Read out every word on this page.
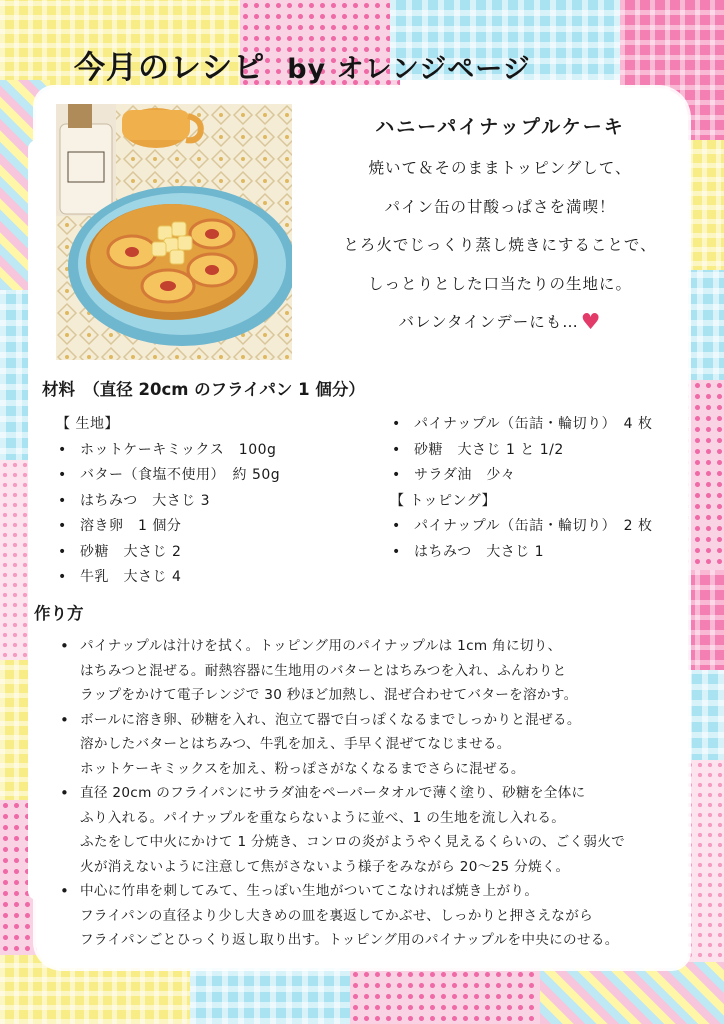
今月のレシピ by オレンジページ
ハニーパイナップルケーキ
焼いて＆そのままトッピングして、
パイン缶の甘酸っぱさを満喫！
とろ火でじっくり蒸し焼きにすることで、
しっとりとした口当たりの生地に。
バレンタインデーにも…♥
材料　（直径 20cm のフライパン 1 個分）
【 生地】
• ホットケーキミックス　100g
• バター（食塩不使用）　約 50g
• はちみつ　大さじ 3
• 溶き卵　1 個分
• 砂糖　大さじ 2
• 牛乳　大さじ 4
• パイナップル（缶詰・輪切り）　4 枚
• 砂糖　大さじ 1 と 1/2
• サラダ油　少々
【 トッピング】
• パイナップル（缶詰・輪切り）　2 枚
• はちみつ　大さじ 1
作り方
• パイナップルは汁けを拭く。トッピング用のパイナップルは 1cm 角に切り、
はちみつと混ぜる。耐熱容器に生地用のバターとはちみつを入れ、ふんわりと
ラップをかけて電子レンジで 30 秒ほど加熱し、混ぜ合わせてバターを溶かす。
• ボールに溶き卵、砂糖を入れ、泡立て器で白っぽくなるまでしっかりと混ぜる。
溶かしたバターとはちみつ、牛乳を加え、手早く混ぜてなじませる。
ホットケーキミックスを加え、粉っぽさがなくなるまでさらに混ぜる。
• 直径 20cm のフライパンにサラダ油をペーパータオルで薄く塗り、砂糖を全体に
ふり入れる。パイナップルを重ならないように並べ、1 の生地を流し入れる。
ふたをして中火にかけて 1 分焼き、コンロの炎がようやく見えるくらいの、ごく弱火で
火が消えないように注意して焦がさないよう様子をみながら 20〜25 分焼く。
• 中心に竹串を刺してみて、生っぽい生地がついてこなければ焼き上がり。
フライパンの直径より少し大きめの皿を裏返してかぶせ、しっかりと押さえながら
フライパンごとひっくり返し取り出す。トッピング用のパイナップルを中央にのせる。
